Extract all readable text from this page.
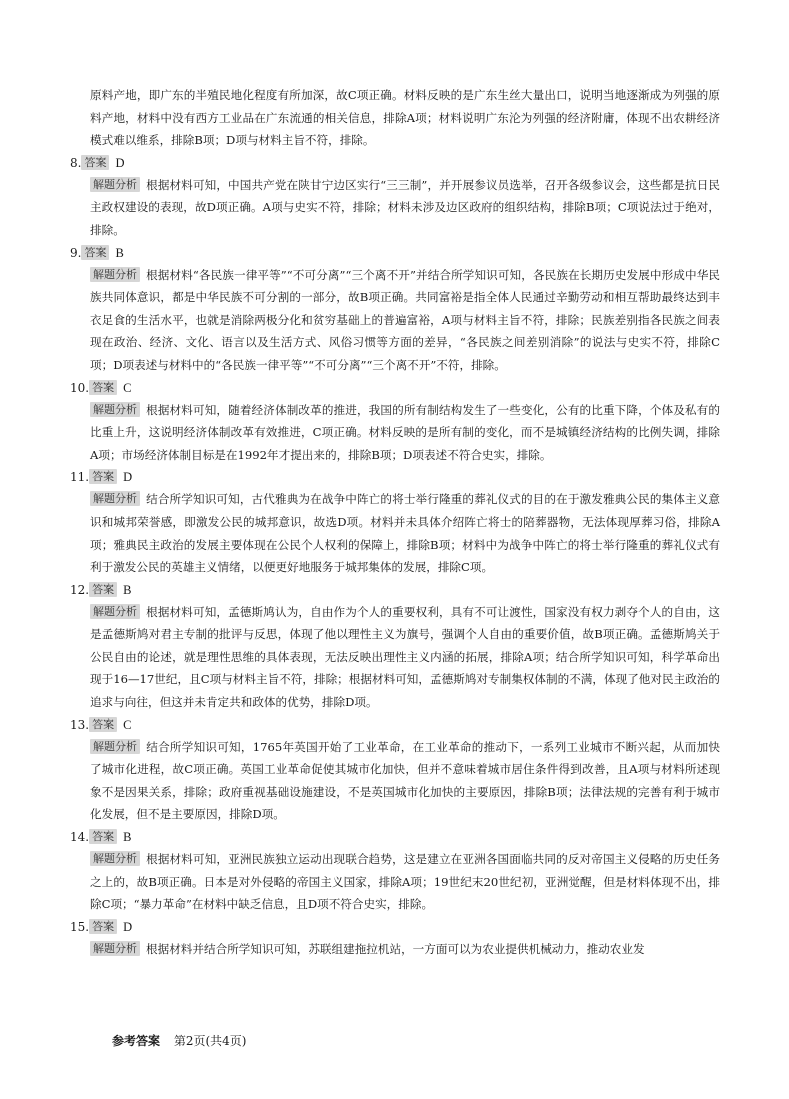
原料产地，即广东的半殖民地化程度有所加深，故C项正确。材料反映的是广东生丝大量出口，说明当地逐渐成为列强的原料产地，材料中没有西方工业品在广东流通的相关信息，排除A项；材料说明广东沦为列强的经济附庸，体现不出农耕经济模式难以维系，排除B项；D项与材料主旨不符，排除。

8. 答案 D

解题分析 根据材料可知，中国共产党在陕甘宁边区实行“三三制”，并开展参议员选举，召开各级参议会，这些都是抗日民主政权建设的表现，故D项正确。A项与史实不符，排除；材料未涉及边区政府的组织结构，排除B项；C项说法过于绝对，排除。

9. 答案 B

解题分析 根据材料“各民族一律平等”“不可分离”“三个离不开”并结合所学知识可知，各民族在长期历史发展中形成中华民族共同体意识，都是中华民族不可分割的一部分，故B项正确。共同富裕是指全体人民通过辛勤劳动和相互帮助最终达到丰衣足食的生活水平，也就是消除两极分化和贫穷基础上的普遍富裕，A项与材料主旨不符，排除；民族差别指各民族之间表现在政治、经济、文化、语言以及生活方式、风俗习惯等方面的差异，“各民族之间差别消除”的说法与史实不符，排除C项；D项表述与材料中的“各民族一律平等”“不可分离”“三个离不开”不符，排除。

10. 答案 C

解题分析 根据材料可知，随着经济体制改革的推进，我国的所有制结构发生了一些变化，公有的比重下降，个体及私有的比重上升，这说明经济体制改革有效推进，C项正确。材料反映的是所有制的变化，而不是城镇经济结构的比例失调，排除A项；市场经济体制目标是在1992年才提出来的，排除B项；D项表述不符合史实，排除。

11. 答案 D

解题分析 结合所学知识可知，古代雅典为在战争中阵亡的将士举行隆重的葬礼仪式的目的在于激发雅典公民的集体主义意识和城邦荣誉感，即激发公民的城邦意识，故选D项。材料并未具体介绍阵亡将士的陪葬器物，无法体现厚葬习俗，排除A项；雅典民主政治的发展主要体现在公民个人权利的保障上，排除B项；材料中为战争中阵亡的将士举行隆重的葬礼仪式有利于激发公民的英雄主义情绪，以便更好地服务于城邦集体的发展，排除C项。

12. 答案 B

解题分析 根据材料可知，孟德斯鸠认为，自由作为个人的重要权利，具有不可让渡性，国家没有权力剥夺个人的自由，这是孟德斯鸠对君主专制的批评与反思，体现了他以理性主义为旗号，强调个人自由的重要价值，故B项正确。孟德斯鸠关于公民自由的论述，就是理性思维的具体表现，无法反映出理性主义内涵的拓展，排除A项；结合所学知识可知，科学革命出现于16—17世纪，且C项与材料主旨不符，排除；根据材料可知，孟德斯鸠对专制集权体制的不满，体现了他对民主政治的追求与向往，但这并未肯定共和政体的优势，排除D项。

13. 答案 C

解题分析 结合所学知识可知，1765年英国开始了工业革命，在工业革命的推动下，一系列工业城市不断兴起，从而加快了城市化进程，故C项正确。英国工业革命促使其城市化加快，但并不意味着城市居住条件得到改善，且A项与材料所述现象不是因果关系，排除；政府重视基础设施建设，不是英国城市化加快的主要原因，排除B项；法律法规的完善有利于城市化发展，但不是主要原因，排除D项。

14. 答案 B

解题分析 根据材料可知，亚洲民族独立运动出现联合趋势，这是建立在亚洲各国面临共同的反对帝国主义侵略的历史任务之上的，故B项正确。日本是对外侵略的帝国主义国家，排除A项；19世纪末20世纪初，亚洲觉醒，但是材料体现不出，排除C项；“暴力革命”在材料中缺乏信息，且D项不符合史实，排除。

15. 答案 D

解题分析 根据材料并结合所学知识可知，苏联组建拖拉机站，一方面可以为农业提供机械动力，推动农业发

参考答案 第2页(共4页)
